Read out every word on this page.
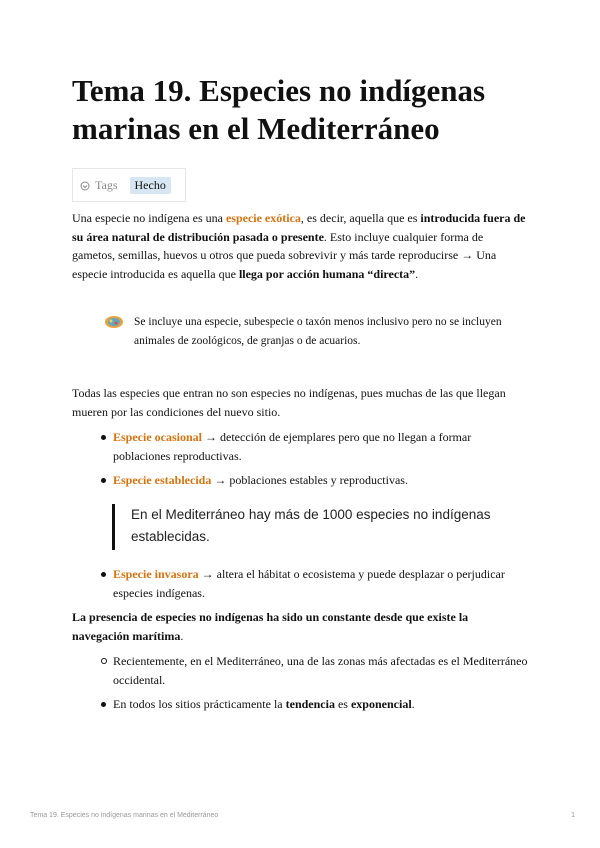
Tema 19. Especies no indígenas marinas en el Mediterráneo
Tags	Hecho
Una especie no indígena es una especie exótica, es decir, aquella que es introducida fuera de su área natural de distribución pasada o presente. Esto incluye cualquier forma de gametos, semillas, huevos u otros que pueda sobrevivir y más tarde reproducirse → Una especie introducida es aquella que llega por acción humana “directa”.
Se incluye una especie, subespecie o taxón menos inclusivo pero no se incluyen animales de zoológicos, de granjas o de acuarios.
Todas las especies que entran no son especies no indígenas, pues muchas de las que llegan mueren por las condiciones del nuevo sitio.
Especie ocasional → detección de ejemplares pero que no llegan a formar poblaciones reproductivas.
Especie establecida → poblaciones estables y reproductivas.
En el Mediterráneo hay más de 1000 especies no indígenas establecidas.
Especie invasora → altera el hábitat o ecosistema y puede desplazar o perjudicar especies indígenas.
La presencia de especies no indígenas ha sido un constante desde que existe la navegación marítima.
Recientemente, en el Mediterráneo, una de las zonas más afectadas es el Mediterráneo occidental.
En todos los sitios prácticamente la tendencia es exponencial.
Tema 19. Especies no indígenas marinas en el Mediterráneo	1
